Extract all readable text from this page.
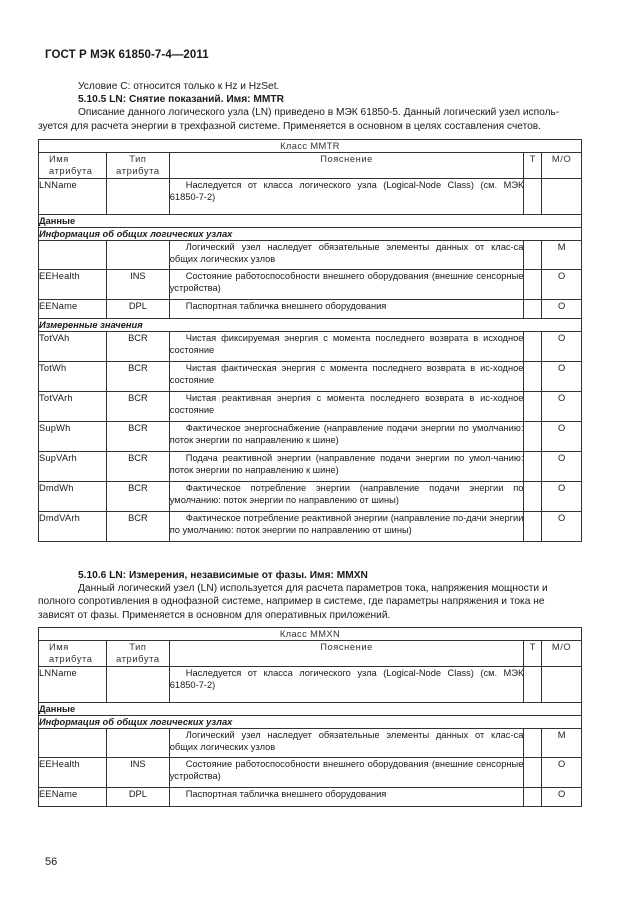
ГОСТ Р МЭК 61850-7-4—2011
Условие С: относится только к Hz и HzSet.
5.10.5 LN: Снятие показаний. Имя: MMTR
Описание данного логического узла (LN) приведено в МЭК 61850-5. Данный логический узел исполь-
зуется для расчета энергии в трехфазной системе. Применяется в основном в целях составления счетов.
Класс MMTR				
Имя атрибута	Тип атрибута	Пояснение	T	M/O
LNName		Наследуется от класса логического узла (Logical-Node Class) (см. МЭК 61850-7-2)		
Данные				
Информация об общих логических узлах				
		Логический узел наследует обязательные элементы данных от клас-са общих логических узлов		M
EEHealth	INS	Состояние работоспособности внешнего оборудования (внешние сенсорные устройства)		O
EEName	DPL	Паспортная табличка внешнего оборудования		O
Измеренные значения				
TotVAh	BCR	Чистая фиксируемая энергия с момента последнего возврата в исходное состояние		O
TotWh	BCR	Чистая фактическая энергия с момента последнего возврата в ис-ходное состояние		O
TotVArh	BCR	Чистая реактивная энергия с момента последнего возврата в ис-ходное состояние		O
SupWh	BCR	Фактическое энергоснабжение (направление подачи энергии по умолчанию: поток энергии по направлению к шине)		O
SupVArh	BCR	Подача реактивной энергии (направление подачи энергии по умол-чанию: поток энергии по направлению к шине)		O
DmdWh	BCR	Фактическое потребление энергии (направление подачи энергии по умолчанию: поток энергии по направлению от шины)		O
DmdVArh	BCR	Фактическое потребление реактивной энергии (направление по-дачи энергии по умолчанию: поток энергии по направлению от шины)		O
5.10.6 LN: Измерения, независимые от фазы. Имя: MMXN
Данный логический узел (LN) используется для расчета параметров тока, напряжения мощности и
полного сопротивления в однофазной системе, например в системе, где параметры напряжения и тока не
зависят от фазы. Применяется в основном для оперативных приложений.
Класс MMXN				
Имя атрибута	Тип атрибута	Пояснение	T	M/O
LNName		Наследуется от класса логического узла (Logical-Node Class) (см. МЭК 61850-7-2)		
Данные				
Информация об общих логических узлах				
		Логический узел наследует обязательные элементы данных от клас-са общих логических узлов		M
EEHealth	INS	Состояние работоспособности внешнего оборудования (внешние сенсорные устройства)		O
EEName	DPL	Паспортная табличка внешнего оборудования		O
56
